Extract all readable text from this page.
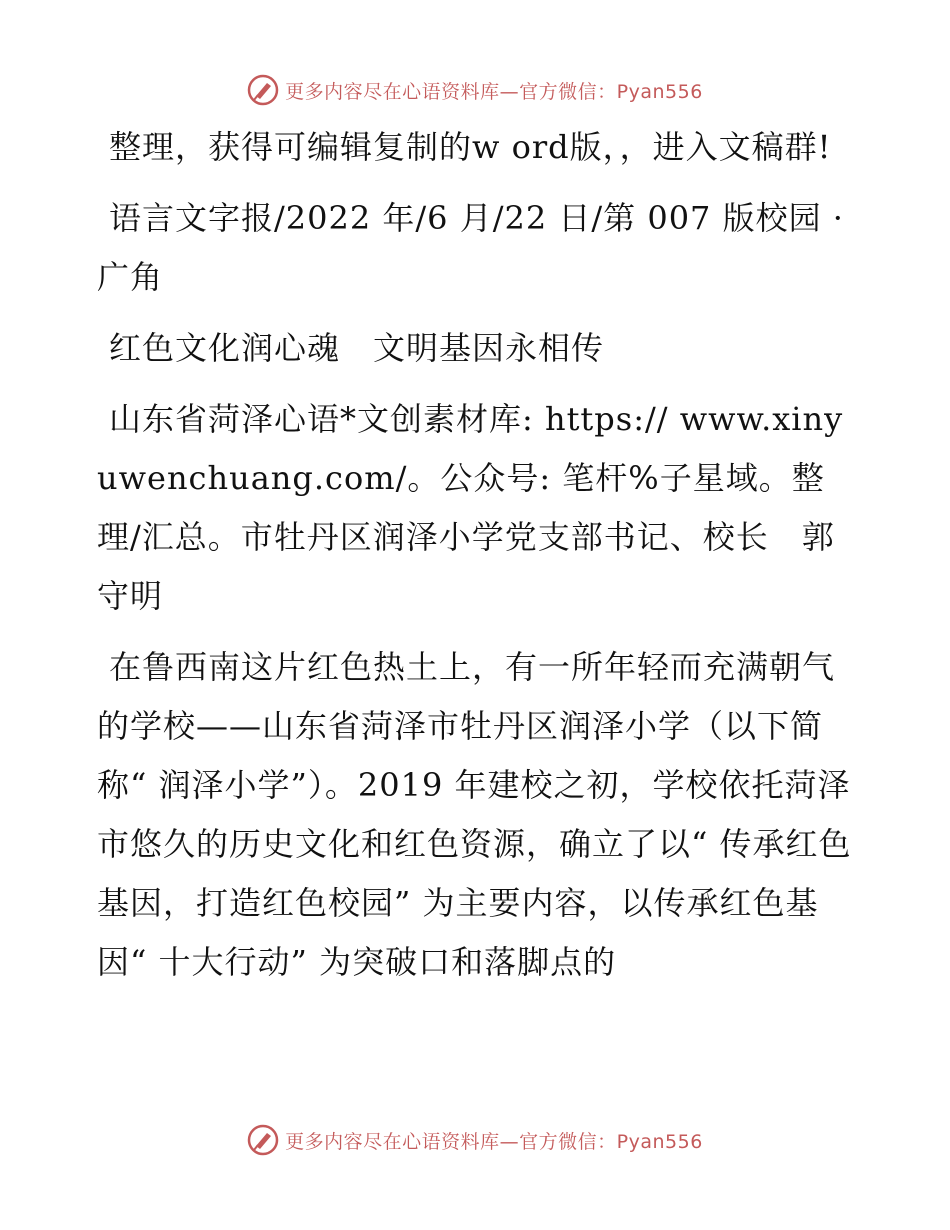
更多内容尽在心语资料库—官方微信：Pyan556

整理，获得可编辑复制的w ord版，，进入文稿群!

语言文字报/2022 年/6 月/22 日/第 007 版校园 · 广角

红色文化润心魂　文明基因永相传

山东省菏泽心语*文创素材库: https:// www.xinyuwenchuang.com/。公众号: 笔杆%子星域。整理/汇总。市牡丹区润泽小学党支部书记、校长　郭守明

在鲁西南这片红色热土上，有一所年轻而充满朝气的学校——山东省菏泽市牡丹区润泽小学（以下简称“ 润泽小学”）。2019 年建校之初，学校依托菏泽市悠久的历史文化和红色资源，确立了以“ 传承红色基因，打造红色校园” 为主要内容，以传承红色基因“ 十大行动” 为突破口和落脚点的

更多内容尽在心语资料库—官方微信：Pyan556
